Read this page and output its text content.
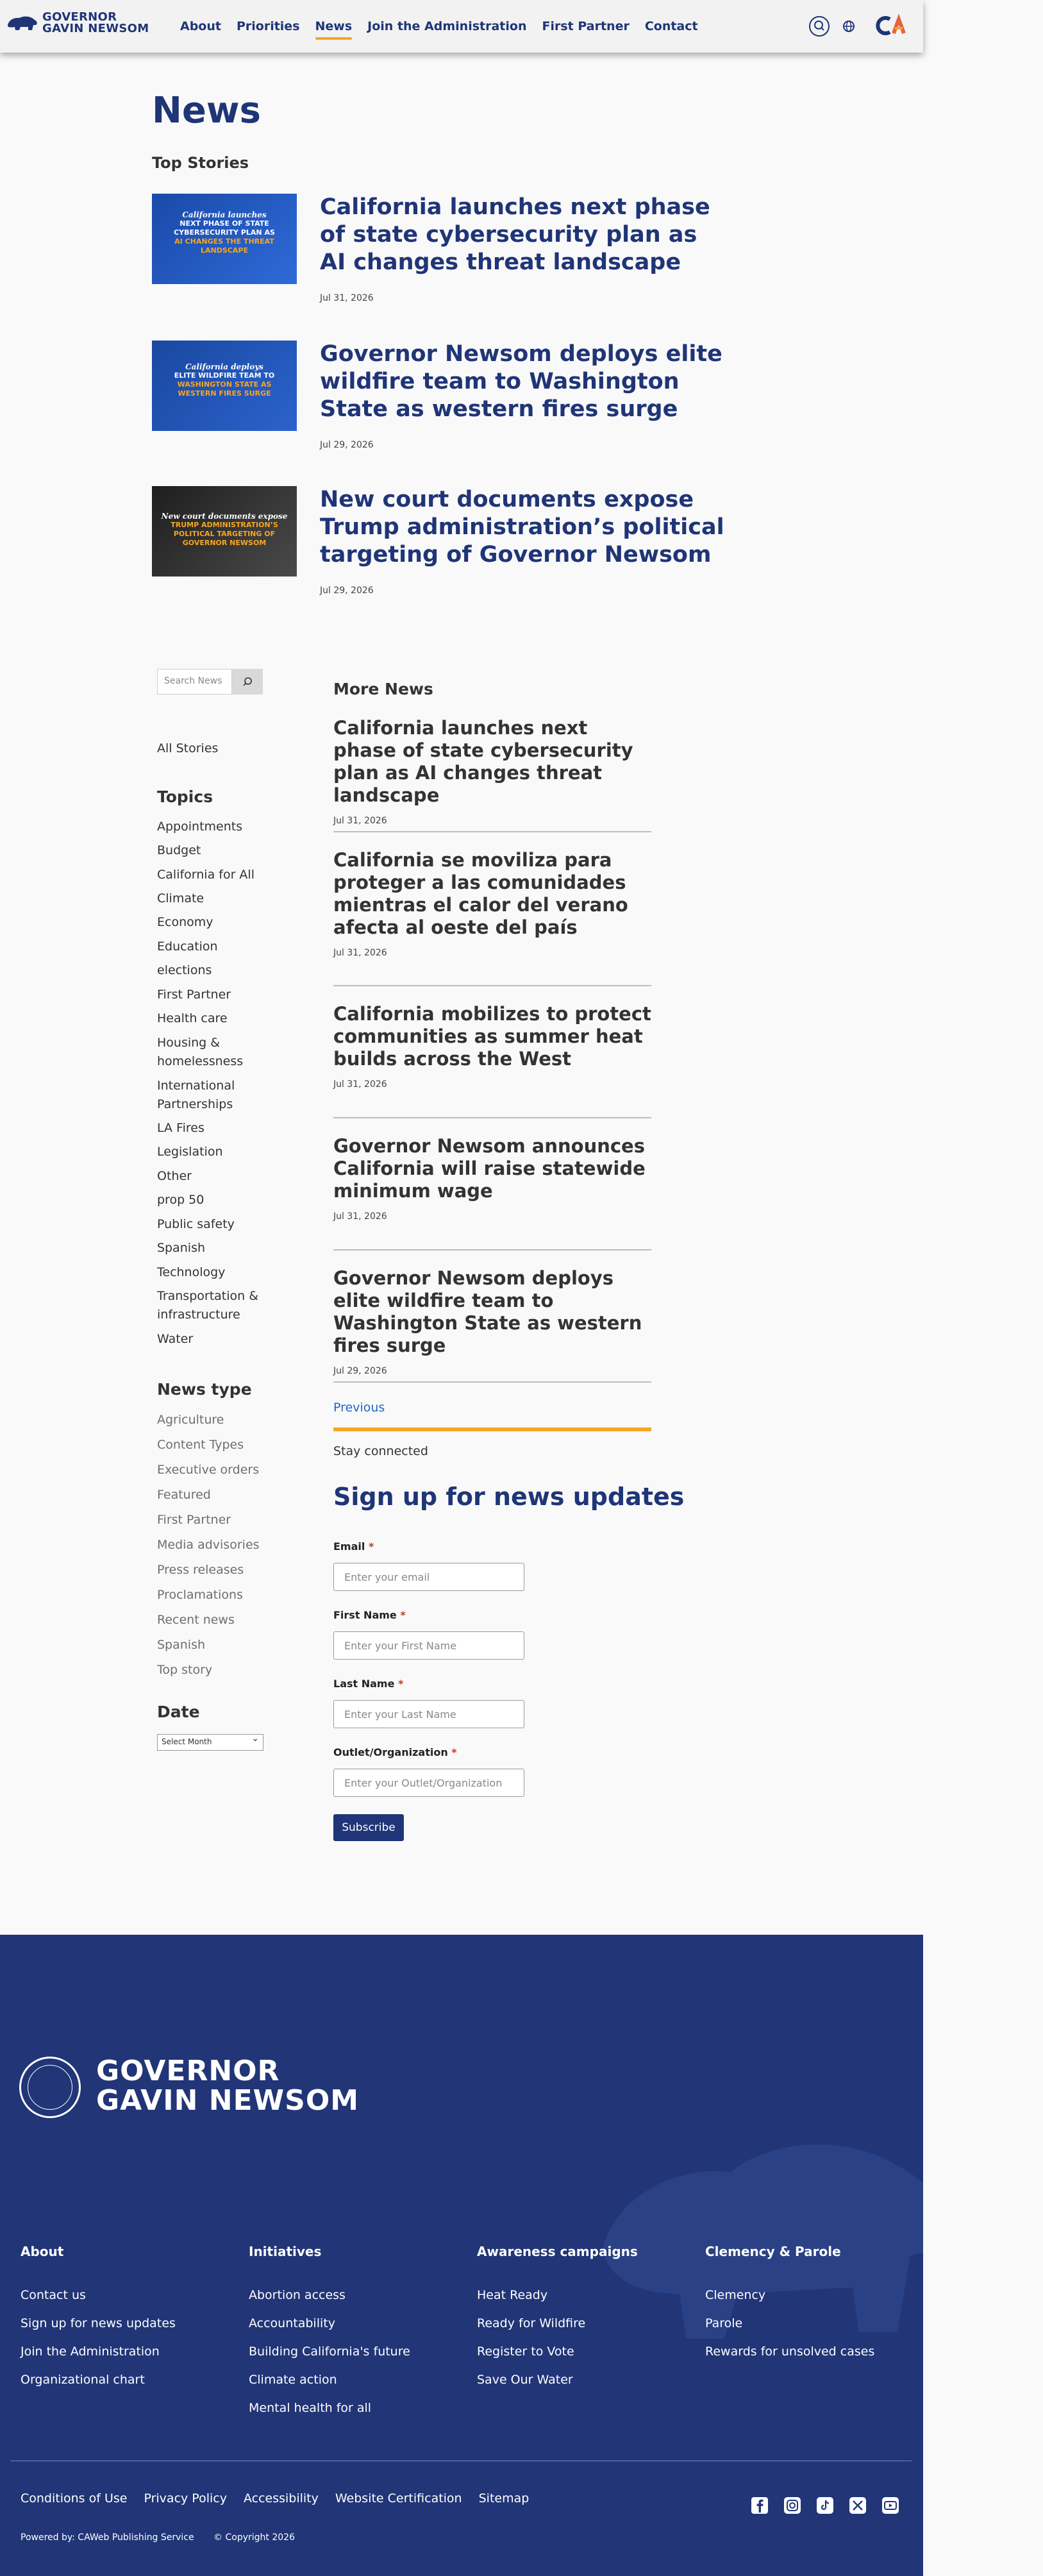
GOVERNOR
GAVIN NEWSOM	About Priorities News Join the Administration First Partner Contact
News
Top Stories
California launches
NEXT PHASE OF STATE CYBERSECURITY PLAN AS
AI CHANGES THE THREAT LANDSCAPE
California launches next phase of state cybersecurity plan as AI changes threat landscape
Jul 31, 2026
California deploys
ELITE WILDFIRE TEAM TO
WASHINGTON STATE AS WESTERN FIRES SURGE
Governor Newsom deploys elite wildfire team to Washington State as western fires surge
Jul 29, 2026
New court documents expose
TRUMP ADMINISTRATION’S POLITICAL TARGETING OF GOVERNOR NEWSOM
New court documents expose Trump administration’s political targeting of Governor Newsom
Jul 29, 2026
Search News
All Stories
Topics
Appointments
Budget
California for All
Climate
Economy
Education
elections
First Partner
Health care
Housing & homelessness
International Partnerships
LA Fires
Legislation
Other
prop 50
Public safety
Spanish
Technology
Transportation & infrastructure
Water
News type
Agriculture
Content Types
Executive orders
Featured
First Partner
Media advisories
Press releases
Proclamations
Recent news
Spanish
Top story
Date
Select Month ⌄
More News
California launches next phase of state cybersecurity plan as AI changes threat landscape
Jul 31, 2026
California se moviliza para proteger a las comunidades mientras el calor del verano afecta al oeste del país
Jul 31, 2026
California mobilizes to protect communities as summer heat builds across the West
Jul 31, 2026
Governor Newsom announces California will raise statewide minimum wage
Jul 31, 2026
Governor Newsom deploys elite wildfire team to Washington State as western fires surge
Jul 29, 2026
Previous
Stay connected
Sign up for news updates
Email *
Enter your email
First Name *
Enter your First Name
Last Name *
Enter your Last Name
Outlet/Organization *
Enter your Outlet/Organization
Subscribe
GOVERNOR
GAVIN NEWSOM
About
Contact us
Sign up for news updates
Join the Administration
Organizational chart
Initiatives
Abortion access
Accountability
Building California's future
Climate action
Mental health for all
Awareness campaigns
Heat Ready
Ready for Wildfire
Register to Vote
Save Our Water
Clemency & Parole
Clemency
Parole
Rewards for unsolved cases
Conditions of Use Privacy Policy Accessibility Website Certification Sitemap
Powered by: CAWeb Publishing Service © Copyright 2026
